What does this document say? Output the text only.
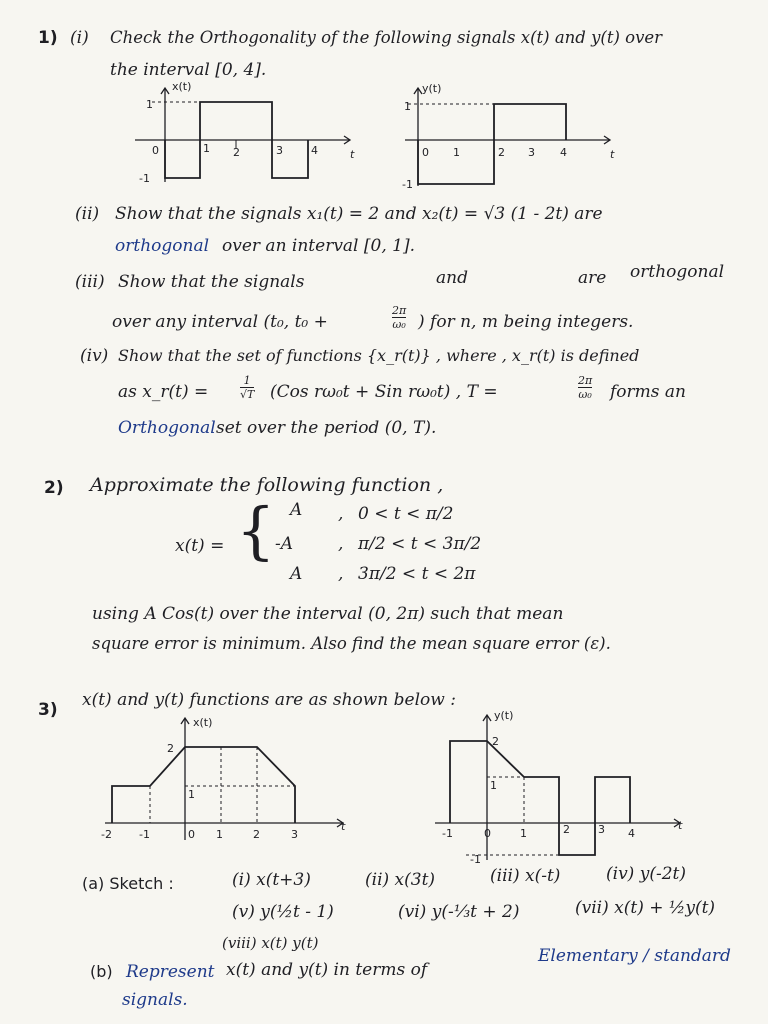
1) (i) Check the Orthogonality of the following signals x(t) and y(t) over
the interval [0, 4].
x(t)
0	1 2	3	4
1
-1
t
y(t)
0 1	2 3 4
1
-1
t
(ii) Show that the signals x₁(t) = 2 and x₂(t) = √3 (1 - 2t) are
orthogonal over an interval [0, 1].
(iii) Show that the signals	and	are orthogonal
over any interval (t₀, t₀ +
2π
ω₀ ) for n, m being integers.
(iv) Show that the set of functions {x_r(t)} , where , x_r(t) is defined
as x_r(t) =
1
√T (Cos rω₀t + Sin rω₀t) , T =
2π
ω₀ forms an
Orthogonal set over the period (0, T).
2) Approximate the following function ,
x(t) = { A	0 < t < π/2
-A	π/2 < t < 3π/2
A	3π/2 < t < 2π
,
,
,
using A Cos(t) over the interval (0, 2π) such that mean
square error is minimum. Also find the mean square error (ε).
3) x(t) and y(t) functions are as shown below :
x(t)
-2 -1	0 1	2	3
2
1
t
y(t)
-1	0	1	2	3 4
2
1
-1
t
(a) Sketch :	(i) x(t+3)	(ii) x(3t)	(iii) x(-t)	(iv) y(-2t)
(v) y(½t - 1)	(vi) y(-⅓t + 2)	(vii) x(t) + ½y(t)
(viii) x(t) y(t)
(b) Represent x(t) and y(t) in terms of
Elementary / standard
signals.
